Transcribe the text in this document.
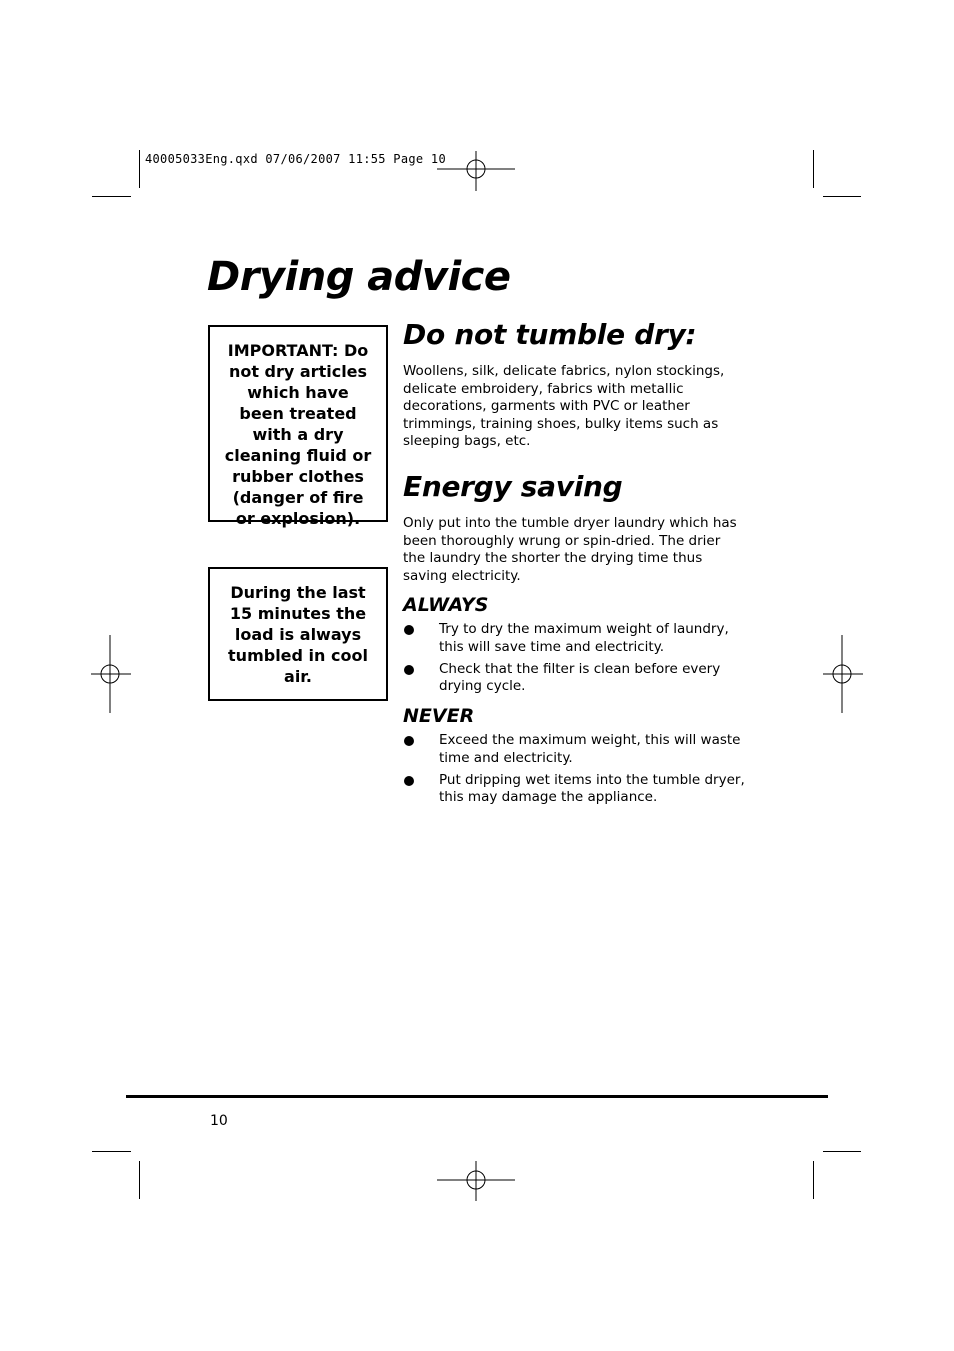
40005033Eng.qxd 07/06/2007 11:55 Page 10
Drying advice
IMPORTANT: Do not dry articles which have been treated with a dry cleaning fluid or rubber clothes (danger of fire or explosion).
During the last 15 minutes the load is always tumbled in cool air.
Do not tumble dry:

Woollens, silk, delicate fabrics, nylon stockings, delicate embroidery, fabrics with metallic decorations, garments with PVC or leather trimmings, training shoes, bulky items such as sleeping bags, etc.

Energy saving

Only put into the tumble dryer laundry which has been thoroughly wrung or spin-dried. The drier the laundry the shorter the drying time thus saving electricity.

ALWAYS
Try to dry the maximum weight of laundry, this will save time and electricity.
Check that the filter is clean before every drying cycle.
NEVER
Exceed the maximum weight, this will waste time and electricity.
Put dripping wet items into the tumble dryer, this may damage the appliance.
10
